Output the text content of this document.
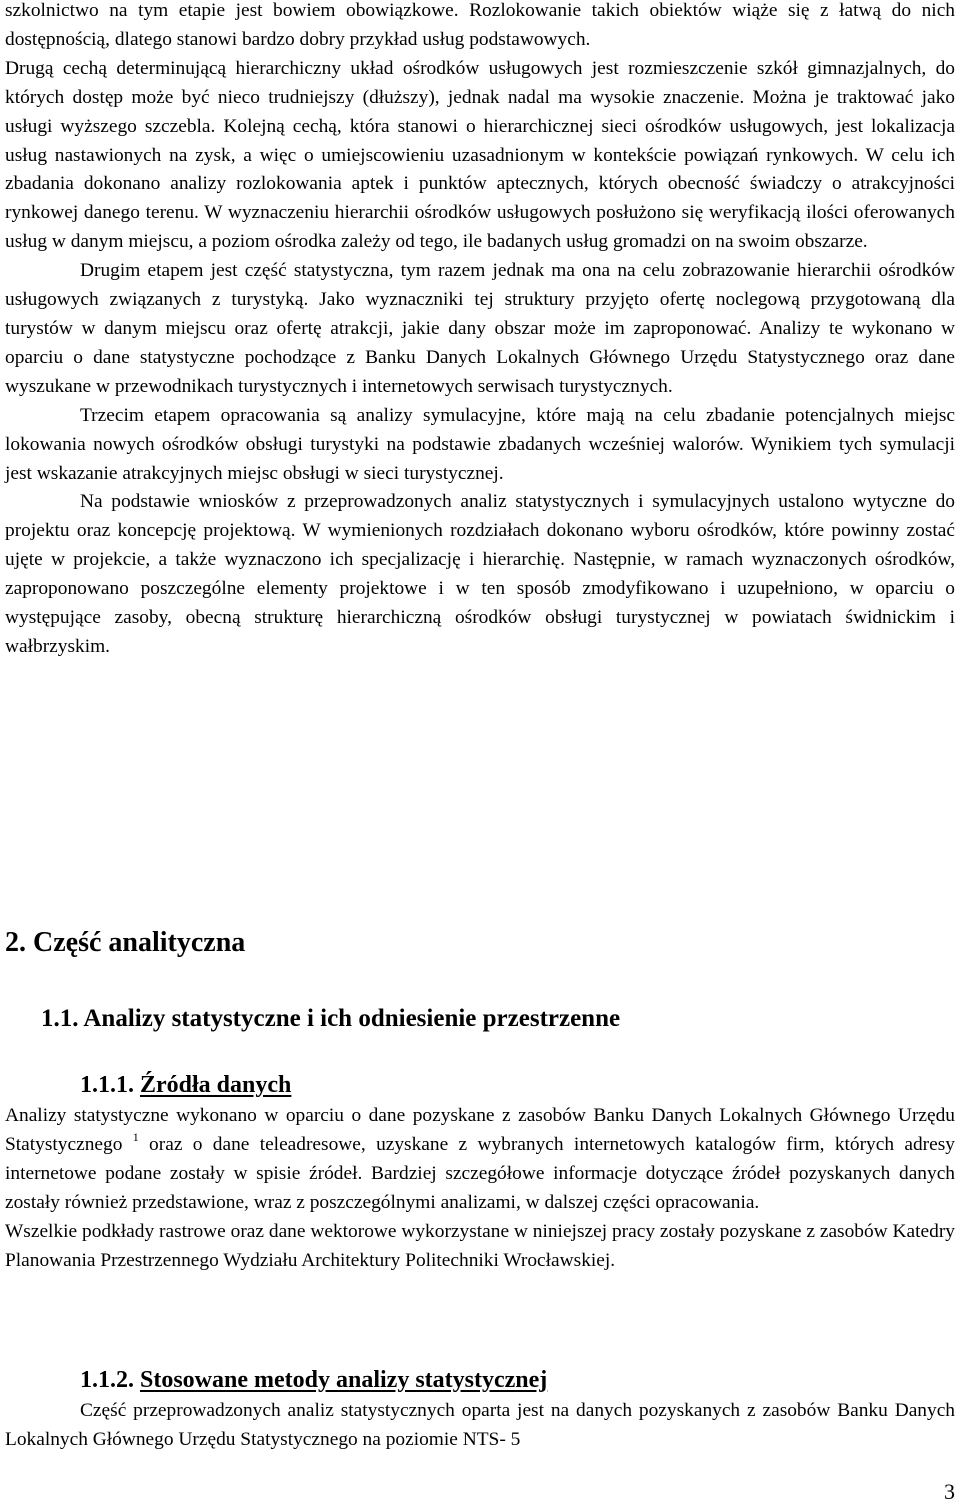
szkolnictwo na tym etapie jest bowiem obowiązkowe. Rozlokowanie takich obiektów wiąże się z łatwą do nich dostępnością, dlatego stanowi bardzo dobry przykład usług podstawowych.

Drugą cechą determinującą hierarchiczny układ ośrodków usługowych jest rozmieszczenie szkół gimnazjalnych, do których dostęp może być nieco trudniejszy (dłuższy), jednak nadal ma wysokie znaczenie. Można je traktować jako usługi wyższego szczebla. Kolejną cechą, która stanowi o hierarchicznej sieci ośrodków usługowych, jest lokalizacja usług nastawionych na zysk, a więc o umiejscowieniu uzasadnionym w kontekście powiązań rynkowych. W celu ich zbadania dokonano analizy rozlokowania aptek i punktów aptecznych, których obecność świadczy o atrakcyjności rynkowej danego terenu. W wyznaczeniu hierarchii ośrodków usługowych posłużono się weryfikacją ilości oferowanych usług w danym miejscu, a poziom ośrodka zależy od tego, ile badanych usług gromadzi on na swoim obszarze.

Drugim etapem jest część statystyczna, tym razem jednak ma ona na celu zobrazowanie hierarchii ośrodków usługowych związanych z turystyką. Jako wyznaczniki tej struktury przyjęto ofertę noclegową przygotowaną dla turystów w danym miejscu oraz ofertę atrakcji, jakie dany obszar może im zaproponować. Analizy te wykonano w oparciu o dane statystyczne pochodzące z Banku Danych Lokalnych Głównego Urzędu Statystycznego oraz dane wyszukane w przewodnikach turystycznych i internetowych serwisach turystycznych.

Trzecim etapem opracowania są analizy symulacyjne, które mają na celu zbadanie potencjalnych miejsc lokowania nowych ośrodków obsługi turystyki na podstawie zbadanych wcześniej walorów. Wynikiem tych symulacji jest wskazanie atrakcyjnych miejsc obsługi w sieci turystycznej.

Na podstawie wniosków z przeprowadzonych analiz statystycznych i symulacyjnych ustalono wytyczne do projektu oraz koncepcję projektową. W wymienionych rozdziałach dokonano wyboru ośrodków, które powinny zostać ujęte w projekcie, a także wyznaczono ich specjalizację i hierarchię. Następnie, w ramach wyznaczonych ośrodków, zaproponowano poszczególne elementy projektowe i w ten sposób zmodyfikowano i uzupełniono, w oparciu o występujące zasoby, obecną strukturę hierarchiczną ośrodków obsługi turystycznej w powiatach świdnickim i wałbrzyskim.

2. Część analityczna
1.1. Analizy statystyczne i ich odniesienie przestrzenne
1.1.1. Źródła danych

Analizy statystyczne wykonano w oparciu o dane pozyskane z zasobów Banku Danych Lokalnych Głównego Urzędu Statystycznego $^1$ oraz o dane teleadresowe, uzyskane z wybranych internetowych katalogów firm, których adresy internetowe podane zostały w spisie źródeł. Bardziej szczegółowe informacje dotyczące źródeł pozyskanych danych zostały również przedstawione, wraz z poszczególnymi analizami, w dalszej części opracowania.

Wszelkie podkłady rastrowe oraz dane wektorowe wykorzystane w niniejszej pracy zostały pozyskane z zasobów Katedry Planowania Przestrzennego Wydziału Architektury Politechniki Wrocławskiej.

1.1.2. Stosowane metody analizy statystycznej

Część przeprowadzonych analiz statystycznych oparta jest na danych pozyskanych z zasobów Banku Danych Lokalnych Głównego Urzędu Statystycznego na poziomie NTS- 5

3
